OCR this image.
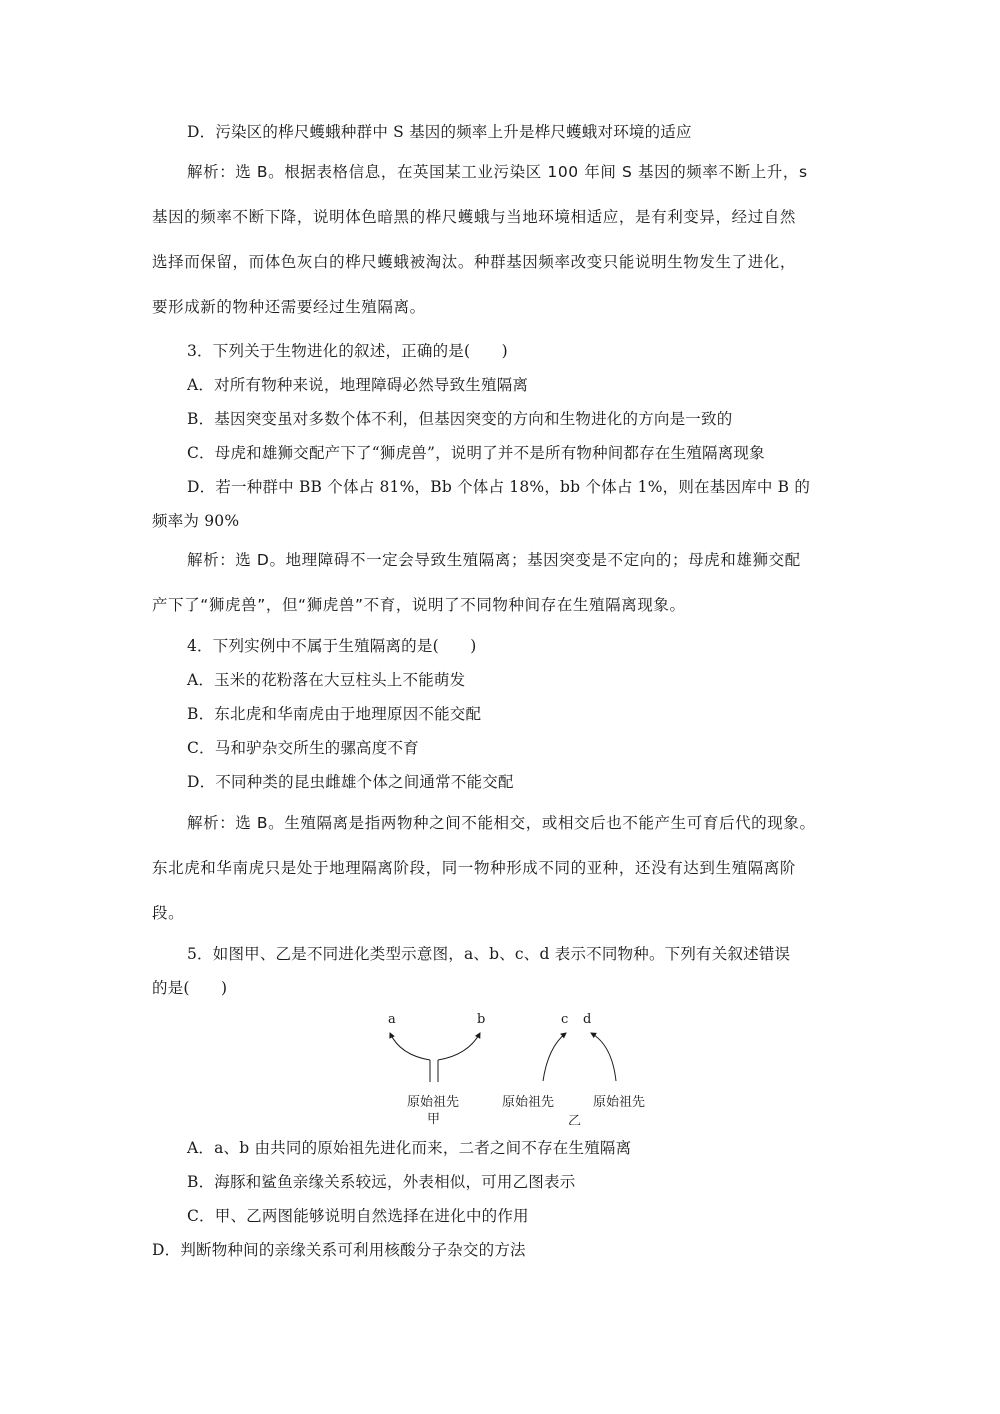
D．污染区的桦尺蠖蛾种群中 S 基因的频率上升是桦尺蠖蛾对环境的适应
解析：选 B。根据表格信息，在英国某工业污染区 100 年间 S 基因的频率不断上升，s
基因的频率不断下降，说明体色暗黑的桦尺蠖蛾与当地环境相适应，是有利变异，经过自然
选择而保留，而体色灰白的桦尺蠖蛾被淘汰。种群基因频率改变只能说明生物发生了进化，
要形成新的物种还需要经过生殖隔离。
3．下列关于生物进化的叙述，正确的是(　　)
A．对所有物种来说，地理障碍必然导致生殖隔离
B．基因突变虽对多数个体不利，但基因突变的方向和生物进化的方向是一致的
C．母虎和雄狮交配产下了“狮虎兽”，说明了并不是所有物种间都存在生殖隔离现象
D．若一种群中 BB 个体占 81%，Bb 个体占 18%，bb 个体占 1%，则在基因库中 B 的
频率为 90%
解析：选 D。地理障碍不一定会导致生殖隔离；基因突变是不定向的；母虎和雄狮交配
产下了“狮虎兽”，但“狮虎兽”不育，说明了不同物种间存在生殖隔离现象。
4．下列实例中不属于生殖隔离的是(　　)
A．玉米的花粉落在大豆柱头上不能萌发
B．东北虎和华南虎由于地理原因不能交配
C．马和驴杂交所生的骡高度不育
D．不同种类的昆虫雌雄个体之间通常不能交配
解析：选 B。生殖隔离是指两物种之间不能相交，或相交后也不能产生可育后代的现象。
东北虎和华南虎只是处于地理隔离阶段，同一物种形成不同的亚种，还没有达到生殖隔离阶
段。
5．如图甲、乙是不同进化类型示意图，a、b、c、d 表示不同物种。下列有关叙述错误
的是(　　)
a	b
原始祖先
甲
c d
原始祖先	原始祖先
乙
A．a、b 由共同的原始祖先进化而来，二者之间不存在生殖隔离
B．海豚和鲨鱼亲缘关系较远，外表相似，可用乙图表示
C．甲、乙两图能够说明自然选择在进化中的作用
D．判断物种间的亲缘关系可利用核酸分子杂交的方法
